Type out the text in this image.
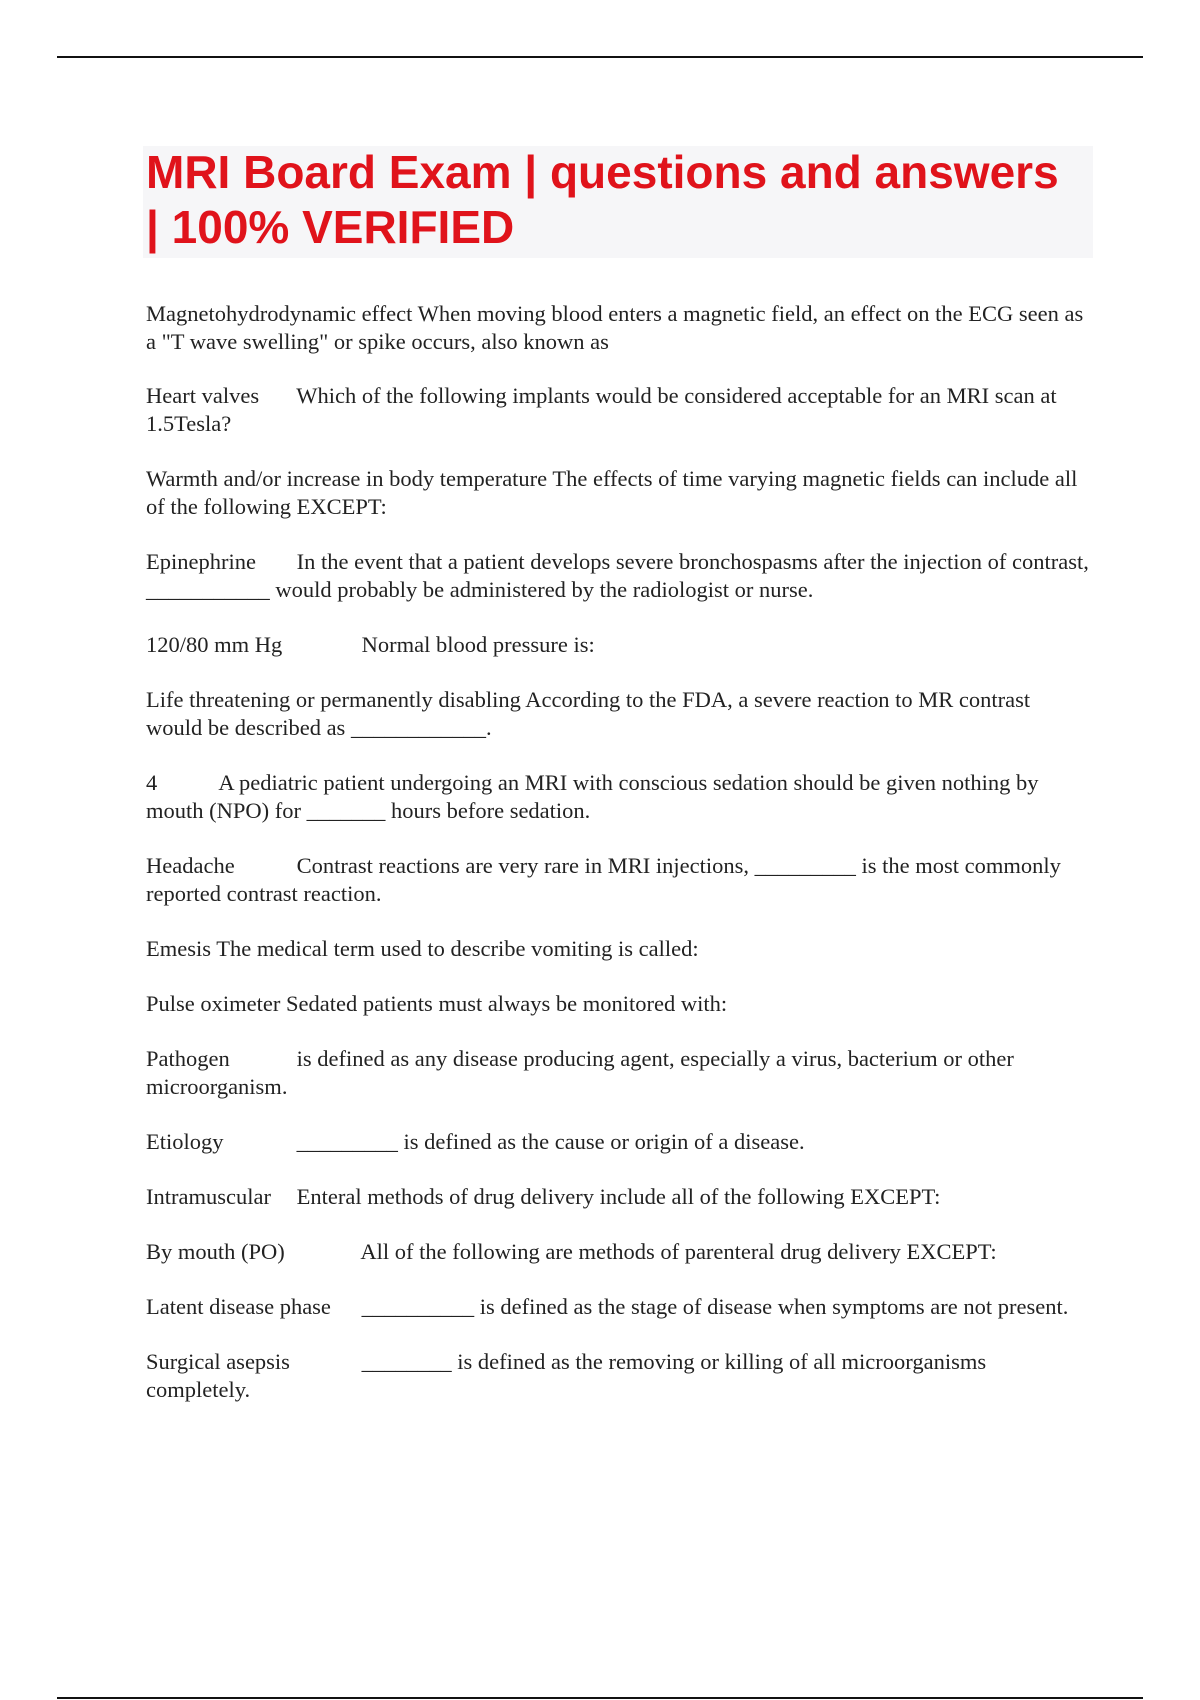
MRI Board Exam | questions and answers | 100% VERIFIED

Magnetohydrodynamic effect When moving blood enters a magnetic field, an effect on the ECG seen as a "T wave swelling" or spike occurs, also known as

Heart valves Which of the following implants would be considered acceptable for an MRI scan at 1.5Tesla?

Warmth and/or increase in body temperature The effects of time varying magnetic fields can include all of the following EXCEPT:

Epinephrine In the event that a patient develops severe bronchospasms after the injection of contrast, ___________ would probably be administered by the radiologist or nurse.

120/80 mm Hg	Normal blood pressure is:

Life threatening or permanently disabling According to the FDA, a severe reaction to MR contrast would be described as ____________.

4	A pediatric patient undergoing an MRI with conscious sedation should be given nothing by mouth (NPO) for _______ hours before sedation.

Headache	Contrast reactions are very rare in MRI injections, _________ is the most commonly reported contrast reaction.

Emesis The medical term used to describe vomiting is called:

Pulse oximeter Sedated patients must always be monitored with:

Pathogen	is defined as any disease producing agent, especially a virus, bacterium or other microorganism.

Etiology	_________ is defined as the cause or origin of a disease.

Intramuscular Enteral methods of drug delivery include all of the following EXCEPT:

By mouth (PO)	All of the following are methods of parenteral drug delivery EXCEPT:

Latent disease phase __________ is defined as the stage of disease when symptoms are not present.

Surgical asepsis	________ is defined as the removing or killing of all microorganisms completely.
